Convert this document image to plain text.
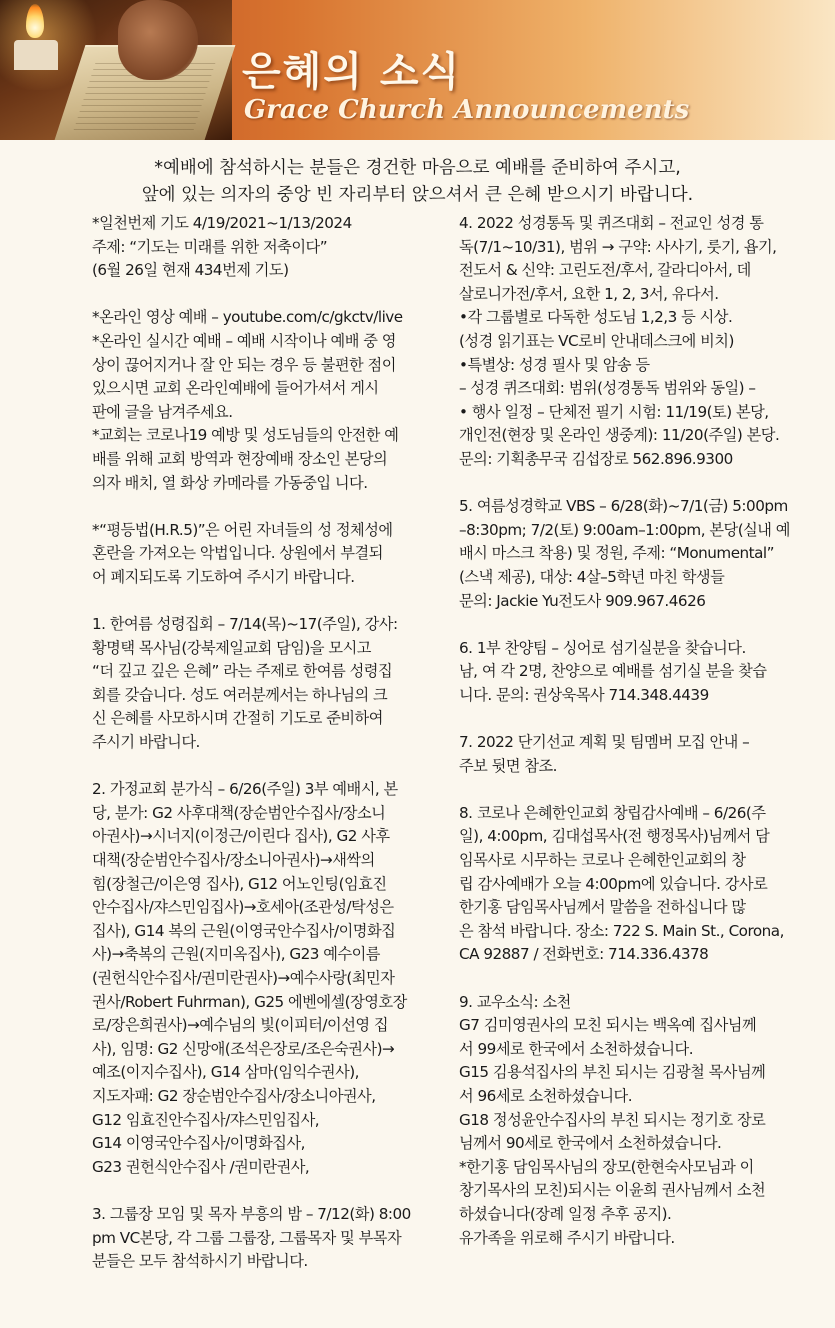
은혜의 소식
Grace Church Announcements
*예배에 참석하시는 분들은 경건한 마음으로 예배를 준비하여 주시고,
앞에 있는 의자의 중앙 빈 자리부터 앉으셔서 큰 은혜 받으시기 바랍니다.
*일천번제 기도 4/19/2021~1/13/2024
주제: “기도는 미래를 위한 저축이다”
(6월 26일 현재 434번제 기도)
*온라인 영상 예배 – youtube.com/c/gkctv/live
*온라인 실시간 예배 – 예배 시작이나 예배 중 영
상이 끊어지거나 잘 안 되는 경우 등 불편한 점이
있으시면 교회 온라인예배에 들어가셔서 게시
판에 글을 남겨주세요.
*교회는 코로나19 예방 및 성도님들의 안전한 예
배를 위해 교회 방역과 현장예배 장소인 본당의
의자 배치, 열 화상 카메라를 가동중입 니다.
*“평등법(H.R.5)”은 어린 자녀들의 성 정체성에
혼란을 가져오는 악법입니다. 상원에서 부결되
어 폐지되도록 기도하여 주시기 바랍니다.
1. 한여름 성령집회 – 7/14(목)~17(주일), 강사:
황명택 목사님(강북제일교회 담임)을 모시고
“더 깊고 깊은 은혜” 라는 주제로 한여름 성령집
회를 갖습니다. 성도 여러분께서는 하나님의 크
신 은혜를 사모하시며 간절히 기도로 준비하여
주시기 바랍니다.
2. 가정교회 분가식 – 6/26(주일) 3부 예배시, 본
당, 분가: G2 사후대책(장순범안수집사/장소니
아권사)→시너지(이정근/이린다 집사), G2 사후
대책(장순범안수집사/장소니아권사)→새싹의
힘(장철근/이은영 집사), G12 어노인팅(임효진
안수집사/쟈스민임집사)→호세아(조관성/탁성은
집사), G14 복의 근원(이영국안수집사/이명화집
사)→축복의 근원(지미옥집사), G23 예수이름
(권헌식안수집사/권미란권사)→예수사랑(최민자
권사/Robert Fuhrman), G25 에벤에셀(장영호장
로/장은희권사)→예수님의 빛(이피터/이선영 집
사), 임명: G2 신망애(조석은장로/조은숙권사)→
예조(이지수집사), G14 삼마(임익수권사),
지도자패: G2 장순범안수집사/장소니아권사,
G12 임효진안수집사/쟈스민임집사,
G14 이영국안수집사/이명화집사,
G23 권헌식안수집사 /권미란권사,
3. 그룹장 모임 및 목자 부흥의 밤 – 7/12(화) 8:00
pm VC본당, 각 그룹 그룹장, 그룹목자 및 부목자
분들은 모두 참석하시기 바랍니다.
4. 2022 성경통독 및 퀴즈대회 – 전교인 성경 통
독(7/1~10/31), 범위 → 구약: 사사기, 룻기, 욥기,
전도서 & 신약: 고린도전/후서, 갈라디아서, 데
살로니가전/후서, 요한 1, 2, 3서, 유다서.
•각 그룹별로 다독한 성도님 1,2,3 등 시상.
(성경 읽기표는 VC로비 안내데스크에 비치)
•특별상: 성경 필사 및 암송 등
– 성경 퀴즈대회: 범위(성경통독 범위와 동일) –
• 행사 일정 – 단체전 필기 시험: 11/19(토) 본당,
개인전(현장 및 온라인 생중계): 11/20(주일) 본당.
문의: 기획총무국 김섭장로 562.896.9300
5. 여름성경학교 VBS – 6/28(화)~7/1(금) 5:00pm
–8:30pm; 7/2(토) 9:00am–1:00pm, 본당(실내 예
배시 마스크 착용) 및 정원, 주제: “Monumental”
(스낵 제공), 대상: 4살–5학년 마친 학생들
문의: Jackie Yu전도사 909.967.4626
6. 1부 찬양팀 – 싱어로 섬기실분을 찾습니다.
남, 여 각 2명, 찬양으로 예배를 섬기실 분을 찾습
니다. 문의: 권상욱목사 714.348.4439
7. 2022 단기선교 계획 및 팀멤버 모집 안내 –
주보 뒷면 참조.
8. 코로나 은혜한인교회 창립감사예배 – 6/26(주
일), 4:00pm, 김대섭목사(전 행정목사)님께서 담
임목사로 시무하는 코로나 은혜한인교회의 창
립 감사예배가 오늘 4:00pm에 있습니다. 강사로
한기홍 담임목사님께서 말씀을 전하십니다 많
은 참석 바랍니다. 장소: 722 S. Main St., Corona,
CA 92887 / 전화번호: 714.336.4378
9. 교우소식: 소천
G7 김미영권사의 모친 되시는 백옥예 집사님께
서 99세로 한국에서 소천하셨습니다.
G15 김용석집사의 부친 되시는 김광철 목사님께
서 96세로 소천하셨습니다.
G18 정성윤안수집사의 부친 되시는 정기호 장로
님께서 90세로 한국에서 소천하셨습니다.
*한기홍 담임목사님의 장모(한현숙사모님과 이
창기목사의 모친)되시는 이윤희 권사님께서 소천
하셨습니다(장례 일정 추후 공지).
유가족을 위로해 주시기 바랍니다.
